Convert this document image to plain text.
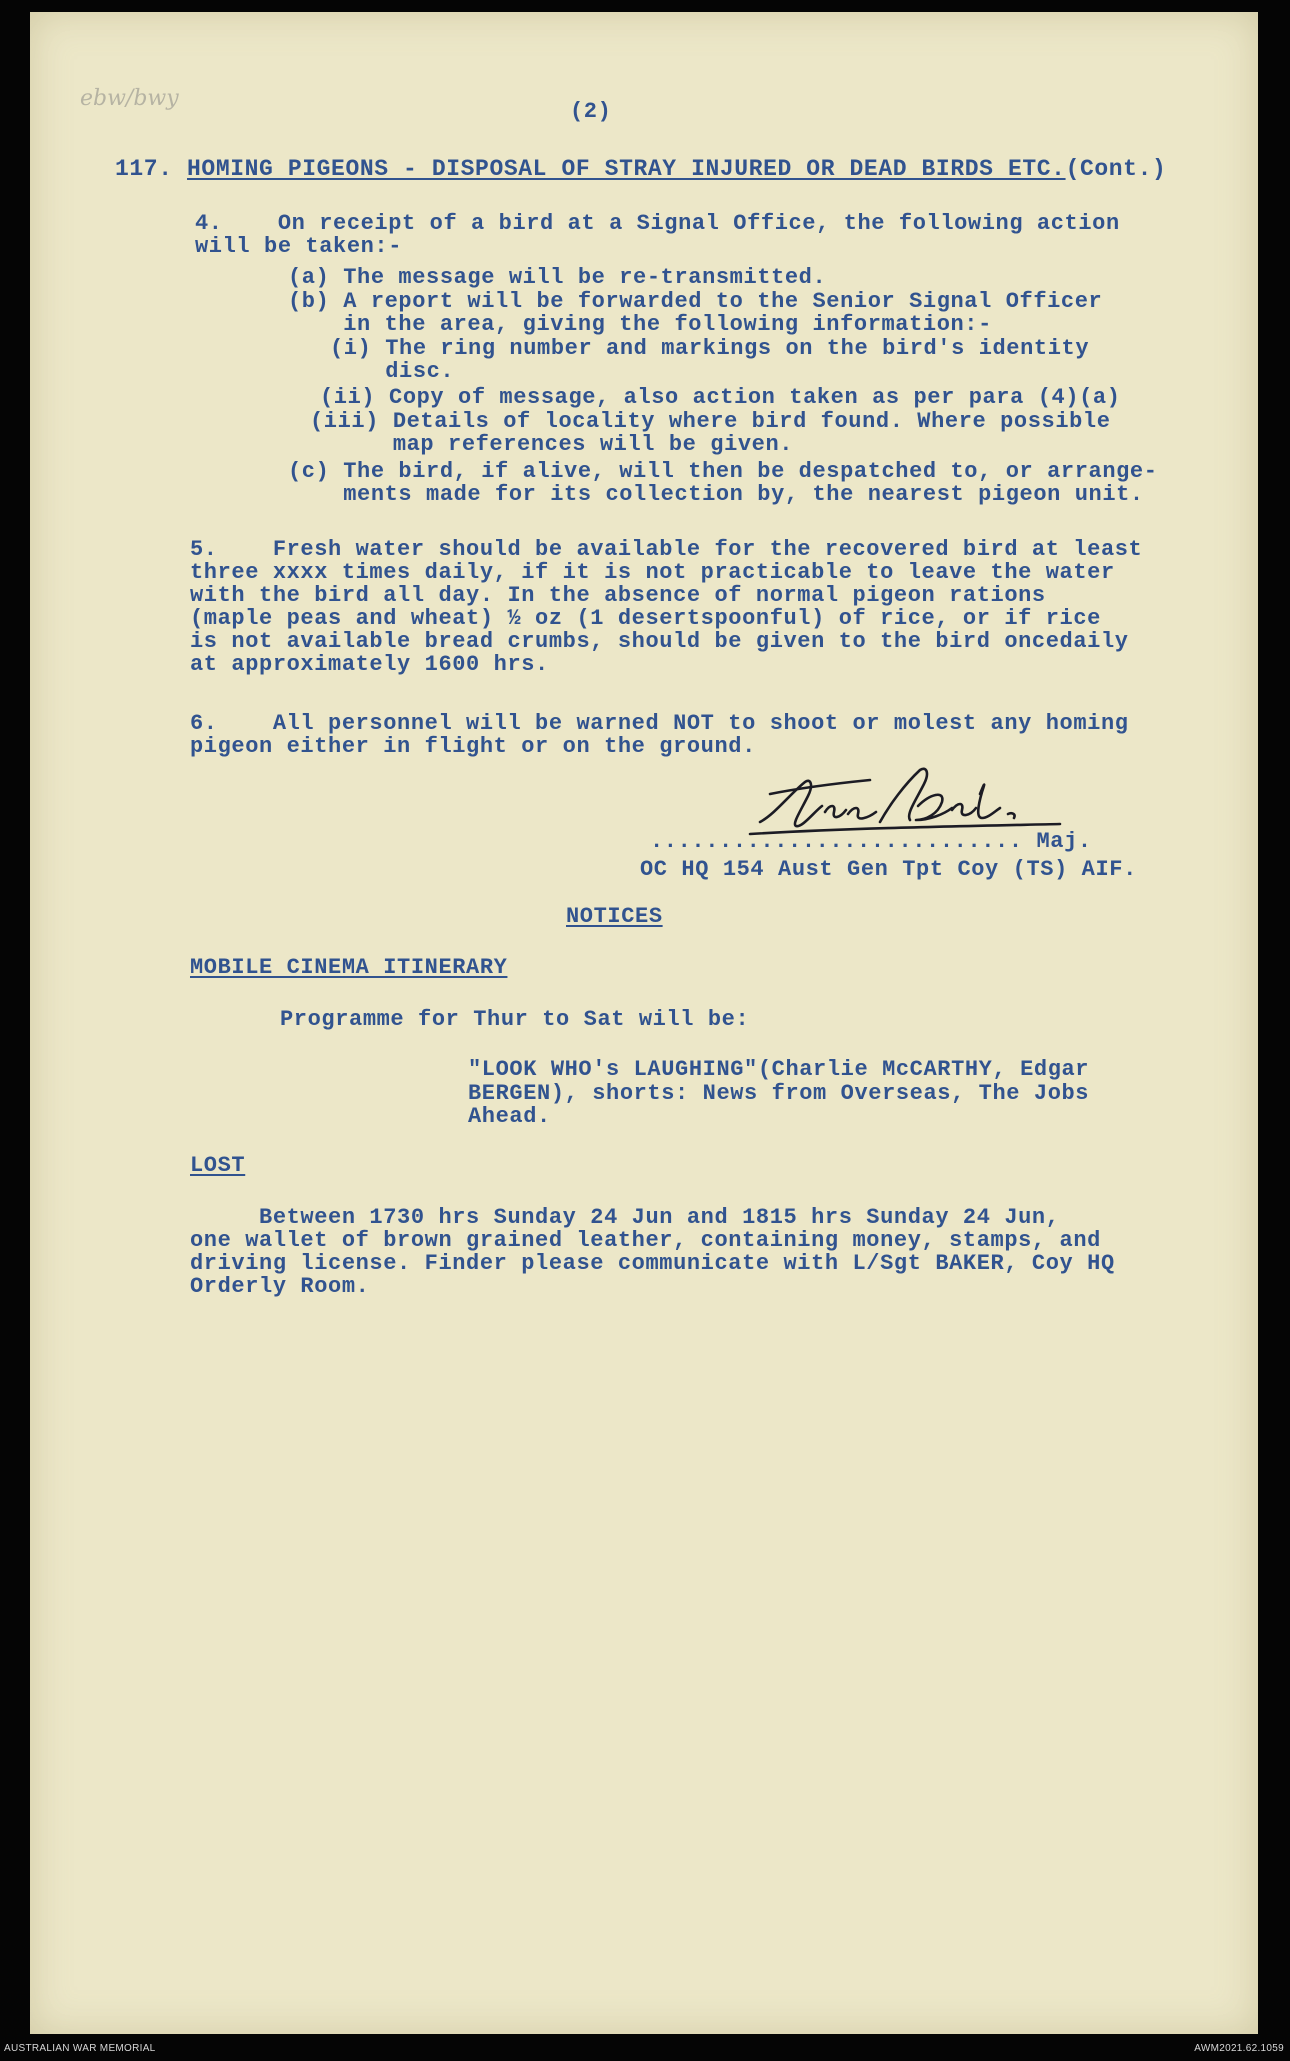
ebw/bwy
(2)
117. HOMING PIGEONS - DISPOSAL OF STRAY INJURED OR DEAD BIRDS ETC.(Cont.)
4.    On receipt of a bird at a Signal Office, the following action
will be taken:-
(a) The message will be re-transmitted.
(b) A report will be forwarded to the Senior Signal Officer
in the area, giving the following information:-
(i) The ring number and markings on the bird's identity
disc.
(ii) Copy of message, also action taken as per para (4)(a)
(iii) Details of locality where bird found. Where possible
map references will be given.
(c) The bird, if alive, will then be despatched to, or arrange-
ments made for its collection by, the nearest pigeon unit.
5.    Fresh water should be available for the recovered bird at least
three xxxx times daily, if it is not practicable to leave the water
with the bird all day. In the absence of normal pigeon rations
(maple peas and wheat) ½ oz (1 desertspoonful) of rice, or if rice
is not available bread crumbs, should be given to the bird oncedaily
at approximately 1600 hrs.
6.    All personnel will be warned NOT to shoot or molest any homing
pigeon either in flight or on the ground.
........................... Maj.
OC HQ 154 Aust Gen Tpt Coy (TS) AIF.
NOTICES
MOBILE CINEMA ITINERARY
Programme for Thur to Sat will be:
"LOOK WHO's LAUGHING"(Charlie McCARTHY, Edgar
BERGEN), shorts: News from Overseas, The Jobs
Ahead.
LOST
Between 1730 hrs Sunday 24 Jun and 1815 hrs Sunday 24 Jun,
one wallet of brown grained leather, containing money, stamps, and
driving license. Finder please communicate with L/Sgt BAKER, Coy HQ
Orderly Room.
AUSTRALIAN WAR MEMORIAL	AWM2021.62.1059
